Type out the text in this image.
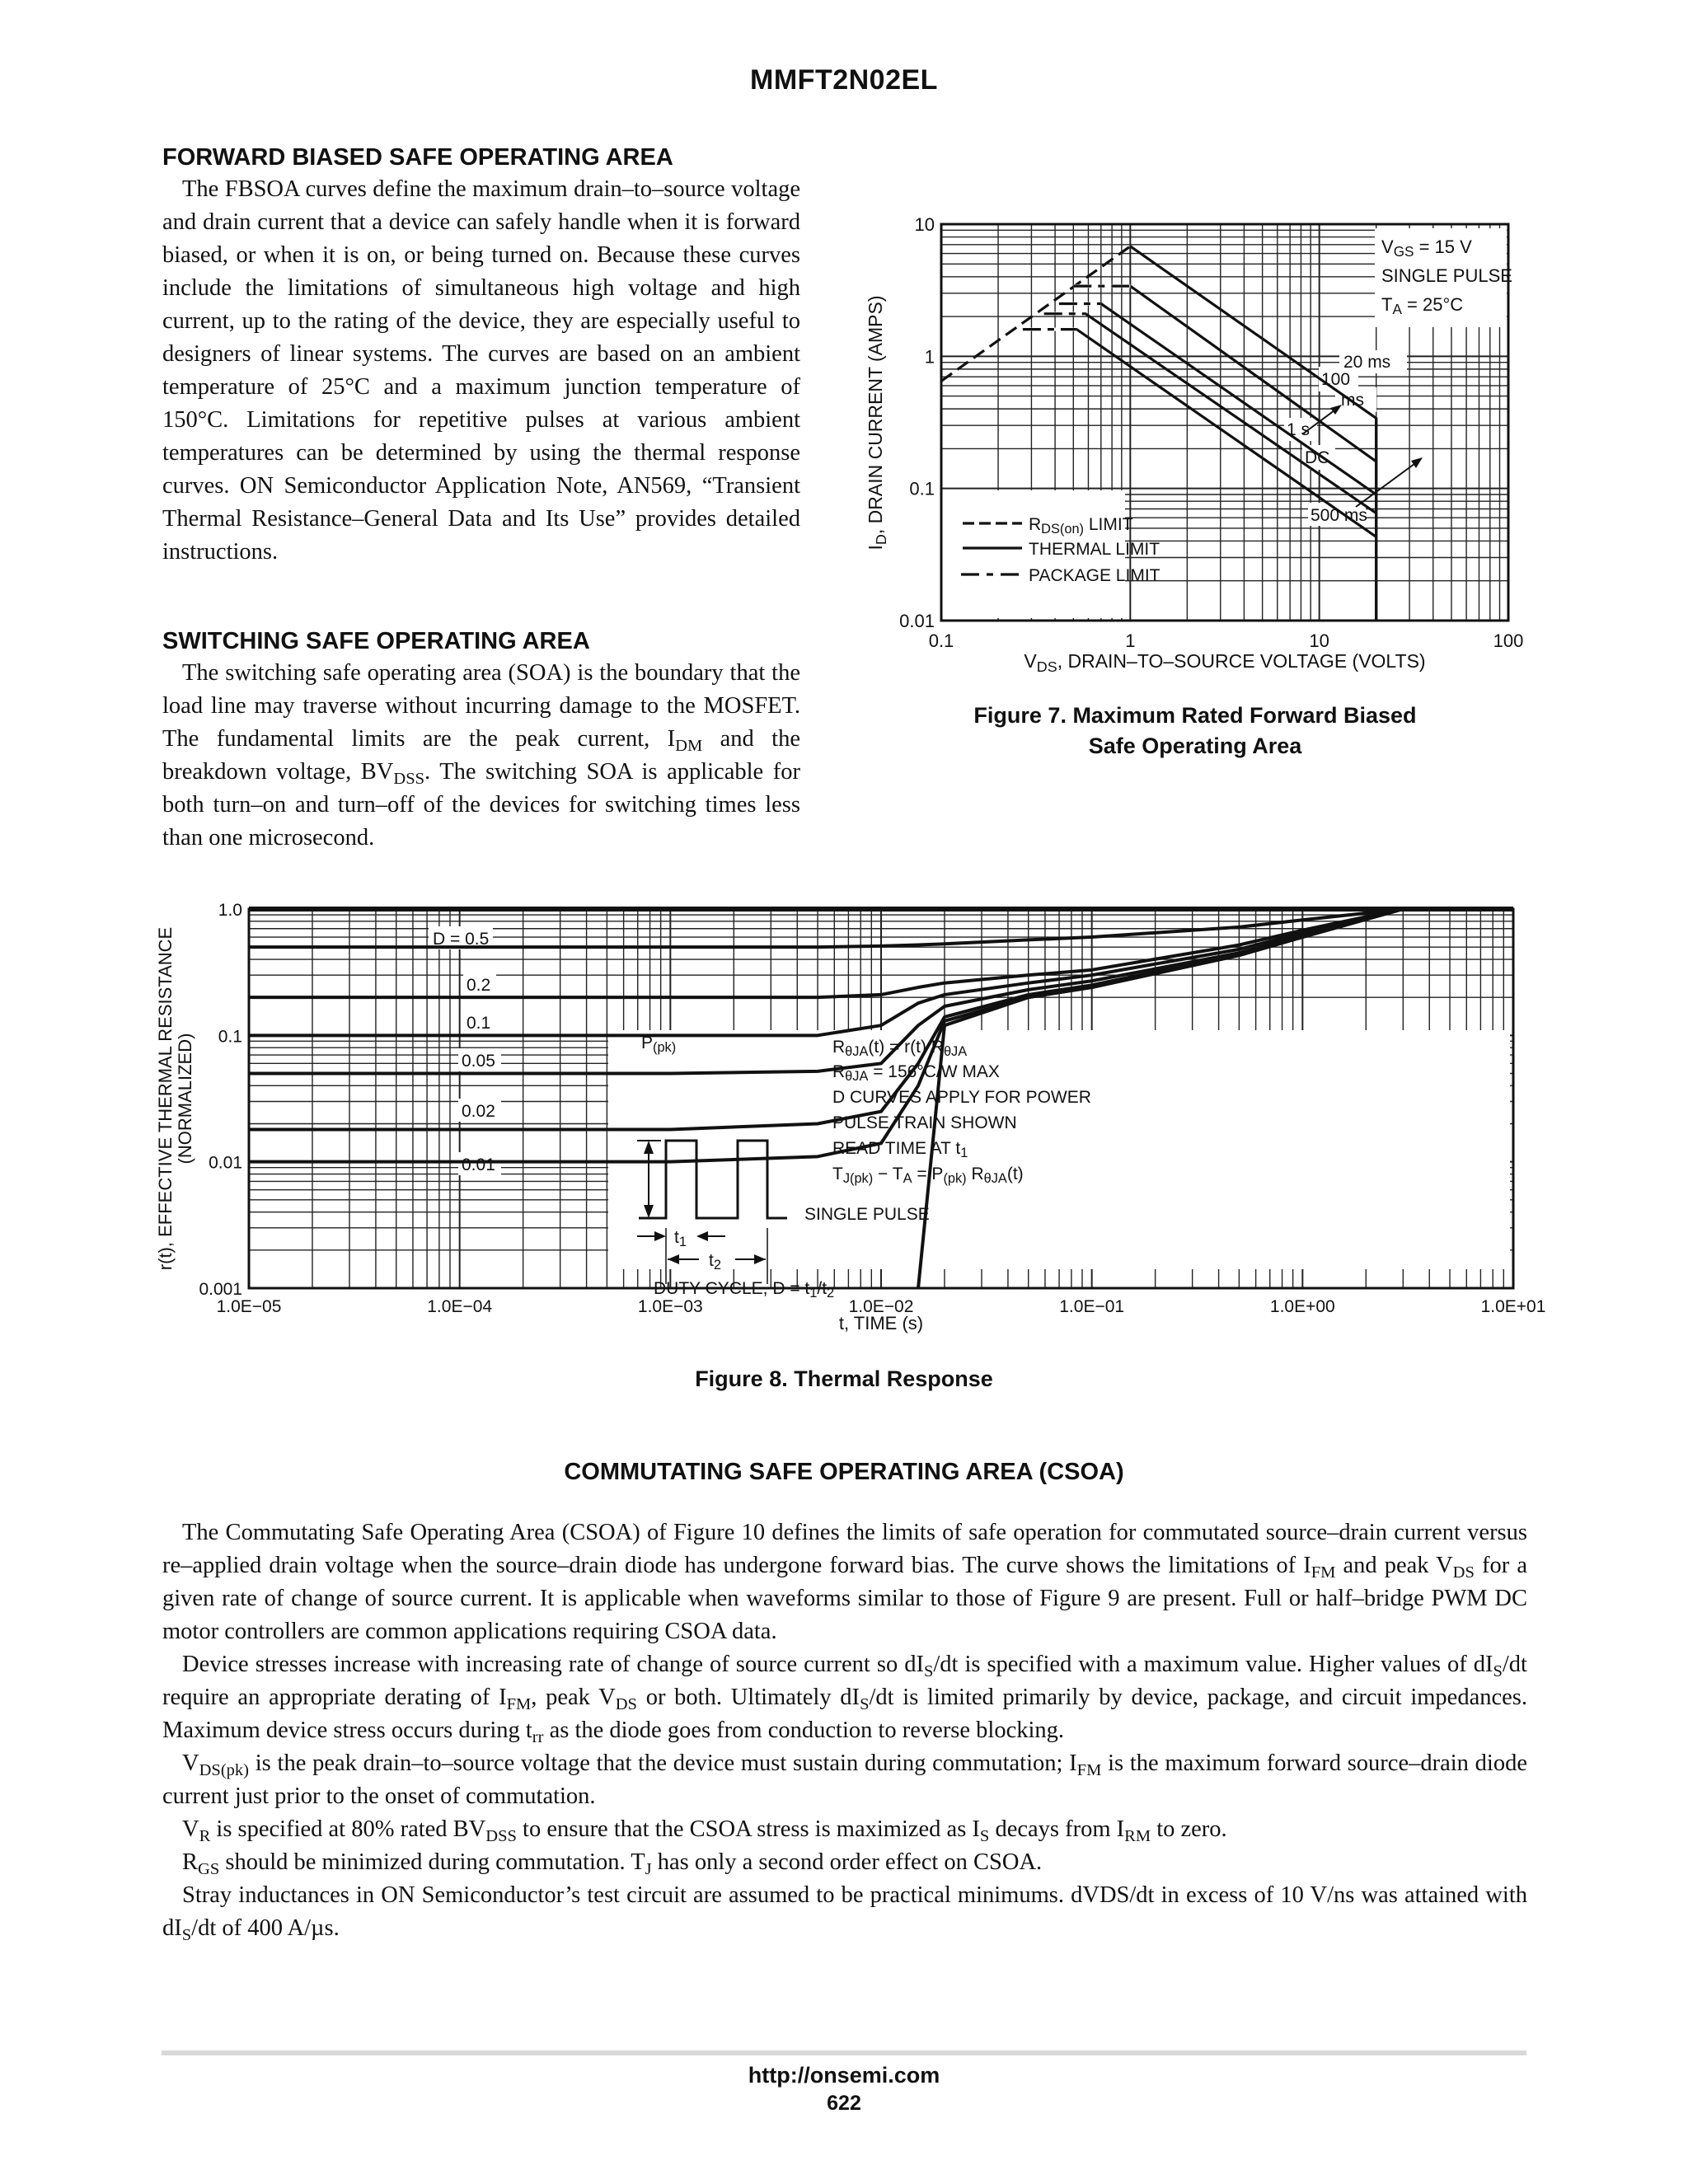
MMFT2N02EL
FORWARD BIASED SAFE OPERATING AREA

The FBSOA curves define the maximum drain–to–source voltage and drain current that a device can safely handle when it is forward biased, or when it is on, or being turned on. Because these curves include the limitations of simultaneous high voltage and high current, up to the rating of the device, they are especially useful to designers of linear systems. The curves are based on an ambient temperature of 25°C and a maximum junction temperature of 150°C. Limitations for repetitive pulses at various ambient temperatures can be determined by using the thermal response curves. ON Semiconductor Application Note, AN569, “Transient Thermal Resistance–General Data and Its Use” provides detailed instructions.

SWITCHING SAFE OPERATING AREA

The switching safe operating area (SOA) is the boundary that the load line may traverse without incurring damage to the MOSFET. The fundamental limits are the peak current, $I_{DM}$ and the breakdown voltage, $BV_{DSS}$. The switching SOA is applicable for both turn–on and turn–off of the devices for switching times less than one microsecond.

0.1	1	10	100
0.01
0.1
1
10
VDS, DRAIN–TO–SOURCE VOLTAGE (VOLTS)
ID, DRAIN CURRENT (AMPS)
VGS = 15 V
SINGLE PULSE
TA = 25°C
20 ms
100
ms
1 s
DC
500 ms
RDS(on) LIMIT
THERMAL LIMIT
PACKAGE LIMIT
Figure 7. Maximum Rated Forward Biased
Safe Operating Area
1.0E−05	1.0E−04	1.0E−03	1.0E−02	1.0E−01	1.0E+00	1.0E+01
0.001
0.01
0.1
1.0
t, TIME (s)
r(t), EFFECTIVE THERMAL RESISTANCE (NORMALIZED)
D = 0.5
0.2
0.1
0.05
0.02
0.01
SINGLE PULSE
P(pk)
t1
t2
DUTY CYCLE, D = t1/t2
RθJA(t) = r(t) RθJA
RθJA = 156°C/W MAX
D CURVES APPLY FOR POWER
PULSE TRAIN SHOWN
READ TIME AT t1
TJ(pk) − TA = P(pk) RθJA(t)
Figure 8. Thermal Response
COMMUTATING SAFE OPERATING AREA (CSOA)

The Commutating Safe Operating Area (CSOA) of Figure 10 defines the limits of safe operation for commutated source–drain current versus re–applied drain voltage when the source–drain diode has undergone forward bias. The curve shows the limitations of $I_{FM}$ and peak $V_{DS}$ for a given rate of change of source current. It is applicable when waveforms similar to those of Figure 9 are present. Full or half–bridge PWM DC motor controllers are common applications requiring CSOA data.

Device stresses increase with increasing rate of change of source current so $dI_S/dt$ is specified with a maximum value. Higher values of $dI_S/dt$ require an appropriate derating of $I_{FM}$, peak $V_{DS}$ or both. Ultimately $dI_S/dt$ is limited primarily by device, package, and circuit impedances. Maximum device stress occurs during $t_{rr}$ as the diode goes from conduction to reverse blocking.

$V_{DS(pk)}$ is the peak drain–to–source voltage that the device must sustain during commutation; $I_{FM}$ is the maximum forward source–drain diode current just prior to the onset of commutation.

$V_R$ is specified at 80% rated $BV_{DSS}$ to ensure that the CSOA stress is maximized as $I_S$ decays from $I_{RM}$ to zero.

$R_{GS}$ should be minimized during commutation. $T_J$ has only a second order effect on CSOA.

Stray inductances in ON Semiconductor’s test circuit are assumed to be practical minimums. dVDS/dt in excess of 10 V/ns was attained with $dI_S/dt$ of 400 A/µs.

http://onsemi.com
622
